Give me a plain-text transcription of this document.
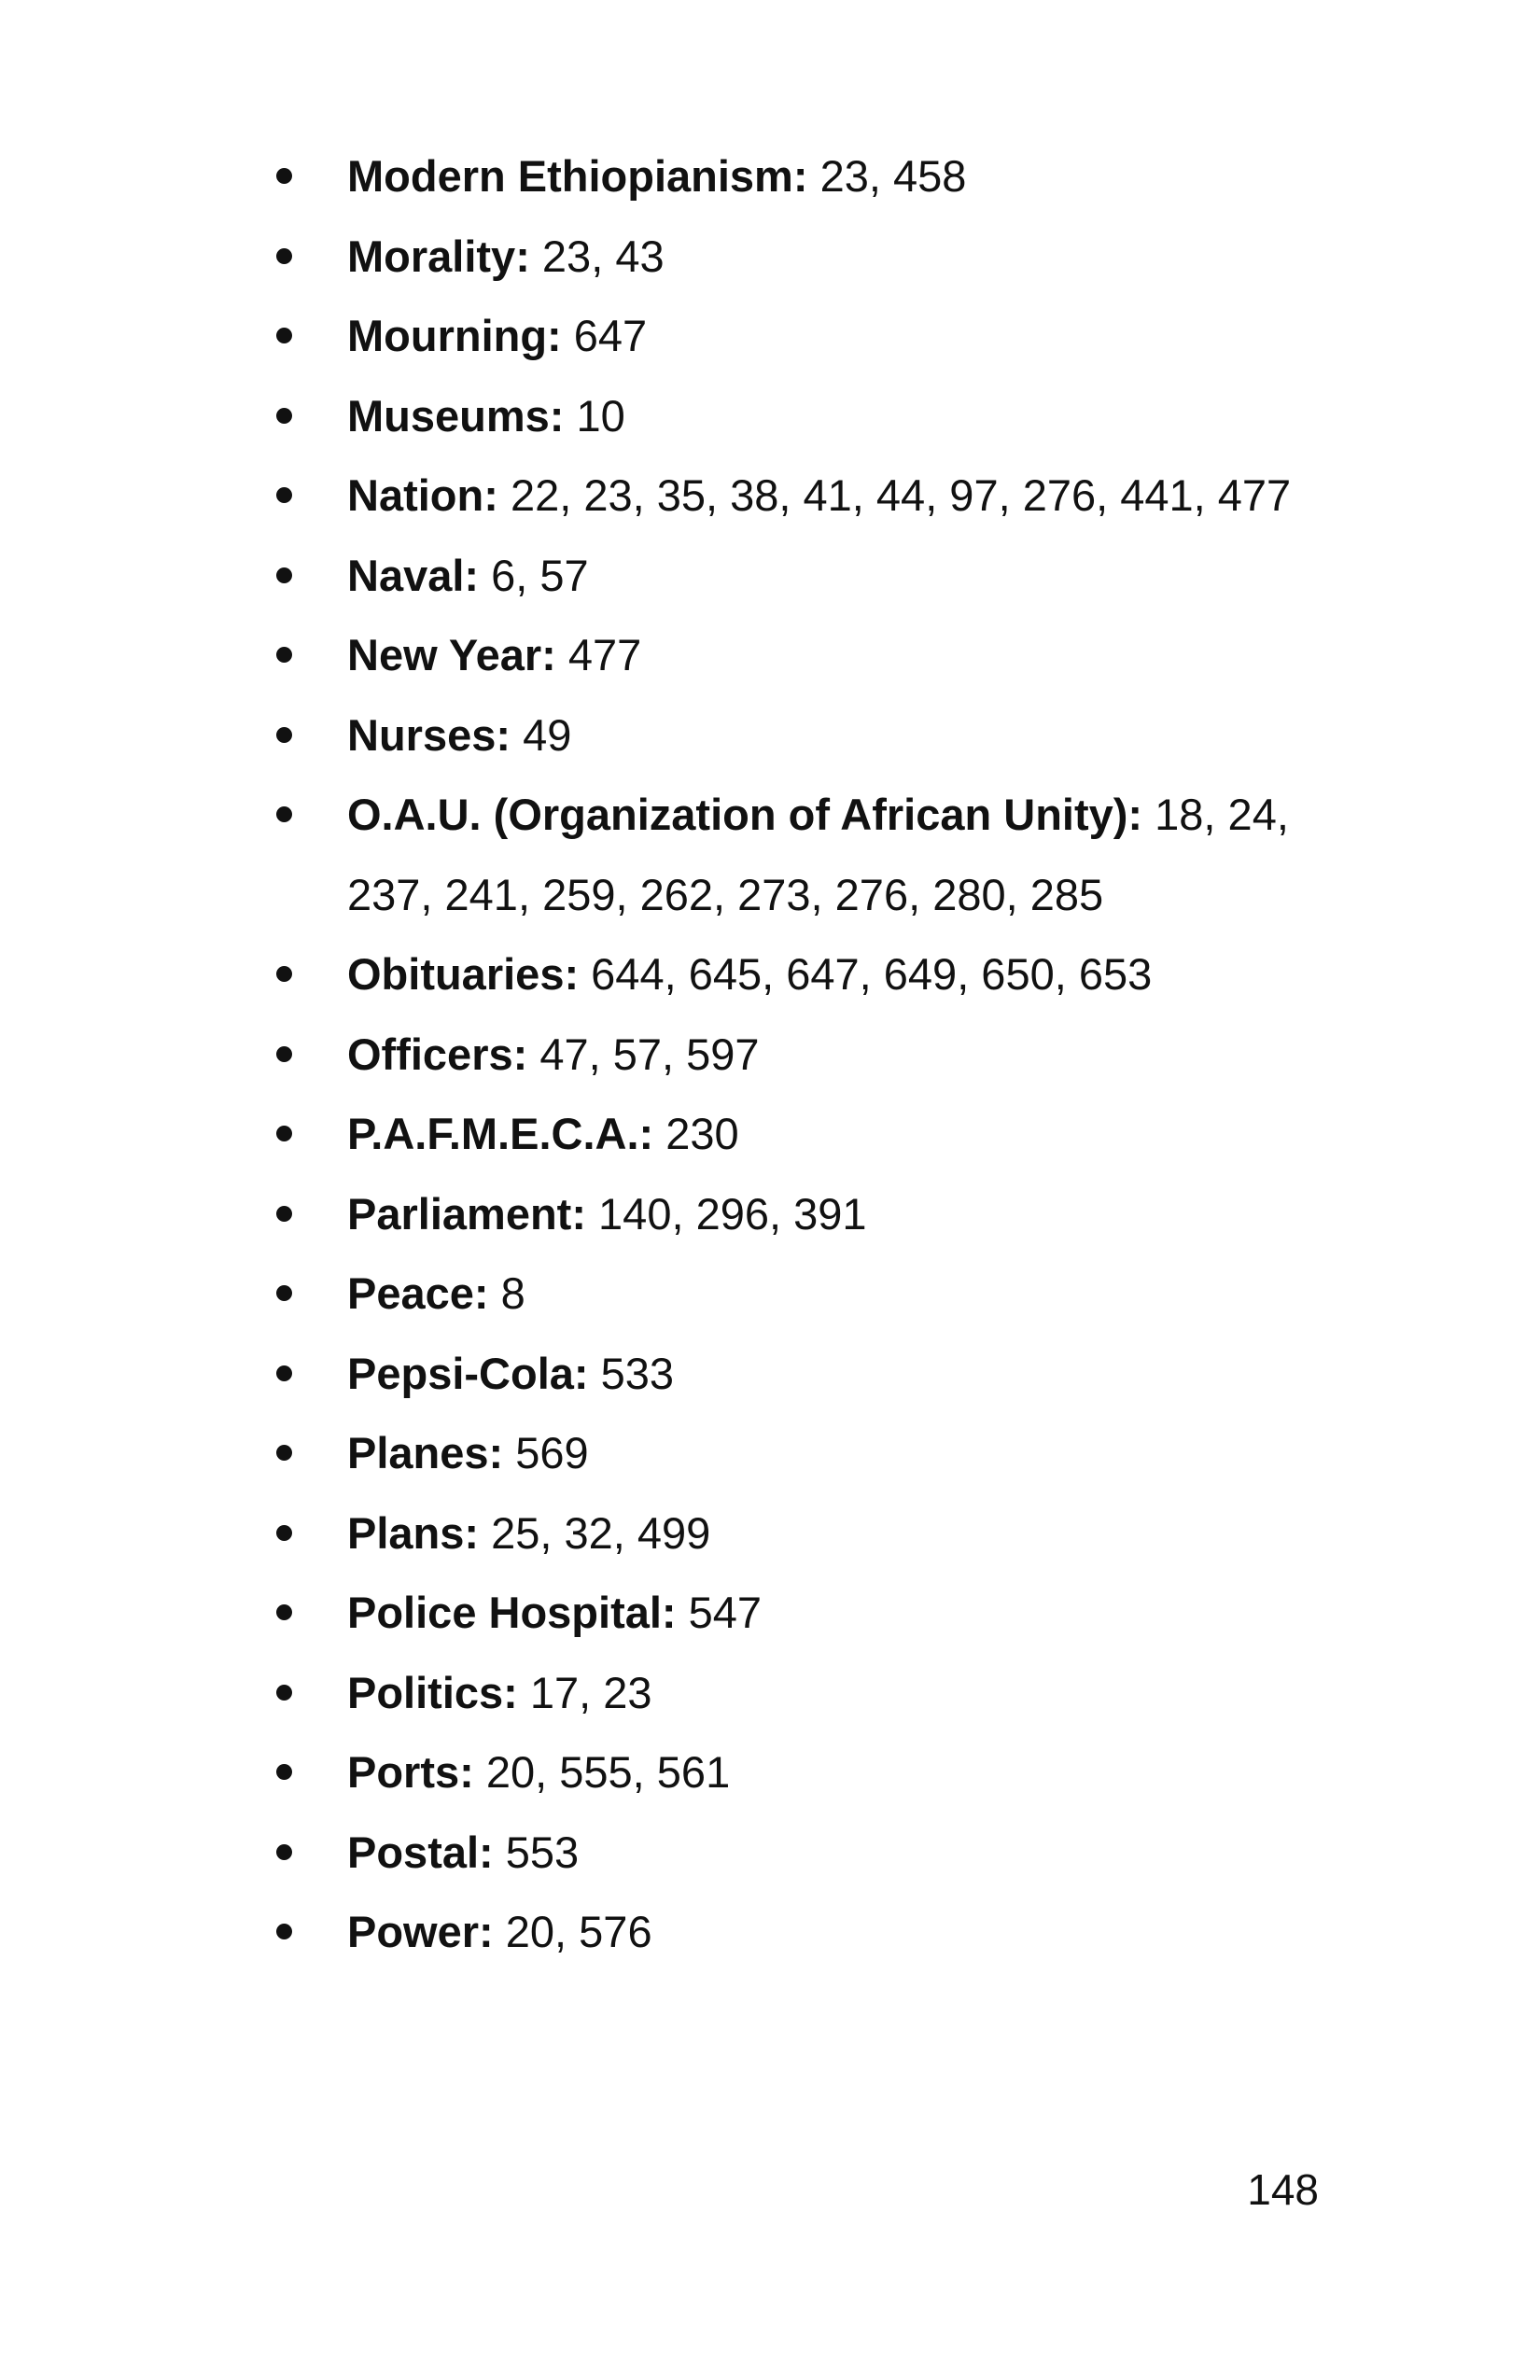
Modern Ethiopianism: 23, 458
Morality: 23, 43
Mourning: 647
Museums: 10
Nation: 22, 23, 35, 38, 41, 44, 97, 276, 441, 477
Naval: 6, 57
New Year: 477
Nurses: 49
O.A.U. (Organization of African Unity): 18, 24, 237, 241, 259, 262, 273, 276, 280, 285
Obituaries: 644, 645, 647, 649, 650, 653
Officers: 47, 57, 597
P.A.F.M.E.C.A.: 230
Parliament: 140, 296, 391
Peace: 8
Pepsi-Cola: 533
Planes: 569
Plans: 25, 32, 499
Police Hospital: 547
Politics: 17, 23
Ports: 20, 555, 561
Postal: 553
Power: 20, 576
148
